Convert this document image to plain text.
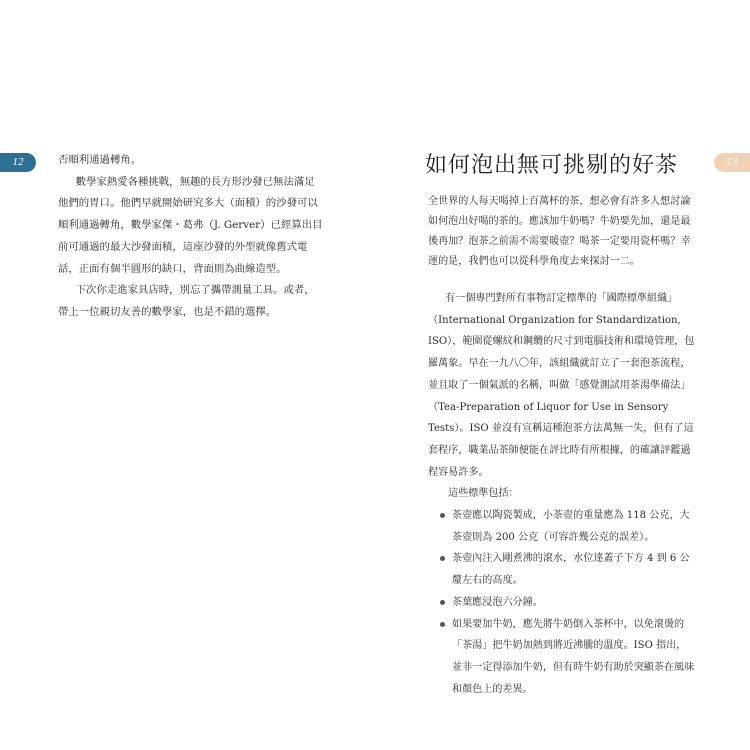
12	否順利通過轉角。

數學家熱愛各種挑戰，無趣的長方形沙發已無法滿足他們的胃口。他們早就開始研究多大（面積）的沙發可以順利通過轉角，數學家傑・葛弗（J. Gerver）已經算出目前可通過的最大沙發面積，這座沙發的外型就像舊式電話，正面有個半圓形的缺口，背面則為曲線造型。

下次你走進家具店時，別忘了攜帶測量工具。或者，帶上一位親切友善的數學家，也是不錯的選擇。

如何泡出無可挑剔的好茶	13

全世界的人每天喝掉上百萬杯的茶，想必會有許多人想討論如何泡出好喝的茶的。應該加牛奶嗎？牛奶要先加，還是最後再加？泡茶之前需不需要暖壺？喝茶一定要用瓷杯嗎？幸運的是，我們也可以從科學角度去來探討一二。

有一個專門對所有事物訂定標準的「國際標準組織」（International Organization for Standardization, ISO），範圍從螺紋和鋼纜的尺寸到電腦技術和環境管理，包羅萬象。早在一九八〇年，該組織就訂立了一套泡茶流程，並且取了一個氣派的名稱，叫做「感覺測試用茶湯準備法」（Tea-Preparation of Liquor for Use in Sensory Tests）。ISO 並沒有宣稱這種泡茶方法萬無一失，但有了這套程序，職業品茶師便能在評比時有所根據，的確讓評鑑過程容易許多。

這些標準包括：
茶壺應以陶瓷製成，小茶壺的重量應為 118 公克，大茶壺則為 200 公克（可容許幾公克的誤差）。
茶壺內注入剛煮沸的滾水，水位達蓋子下方 4 到 6 公釐左右的高度。
茶葉應浸泡六分鐘。
如果要加牛奶，應先將牛奶倒入茶杯中，以免滾燙的「茶湯」把牛奶加熱到將近沸騰的溫度。ISO 指出，並非一定得添加牛奶，但有時牛奶有助於突顯茶在風味和顏色上的差異。
